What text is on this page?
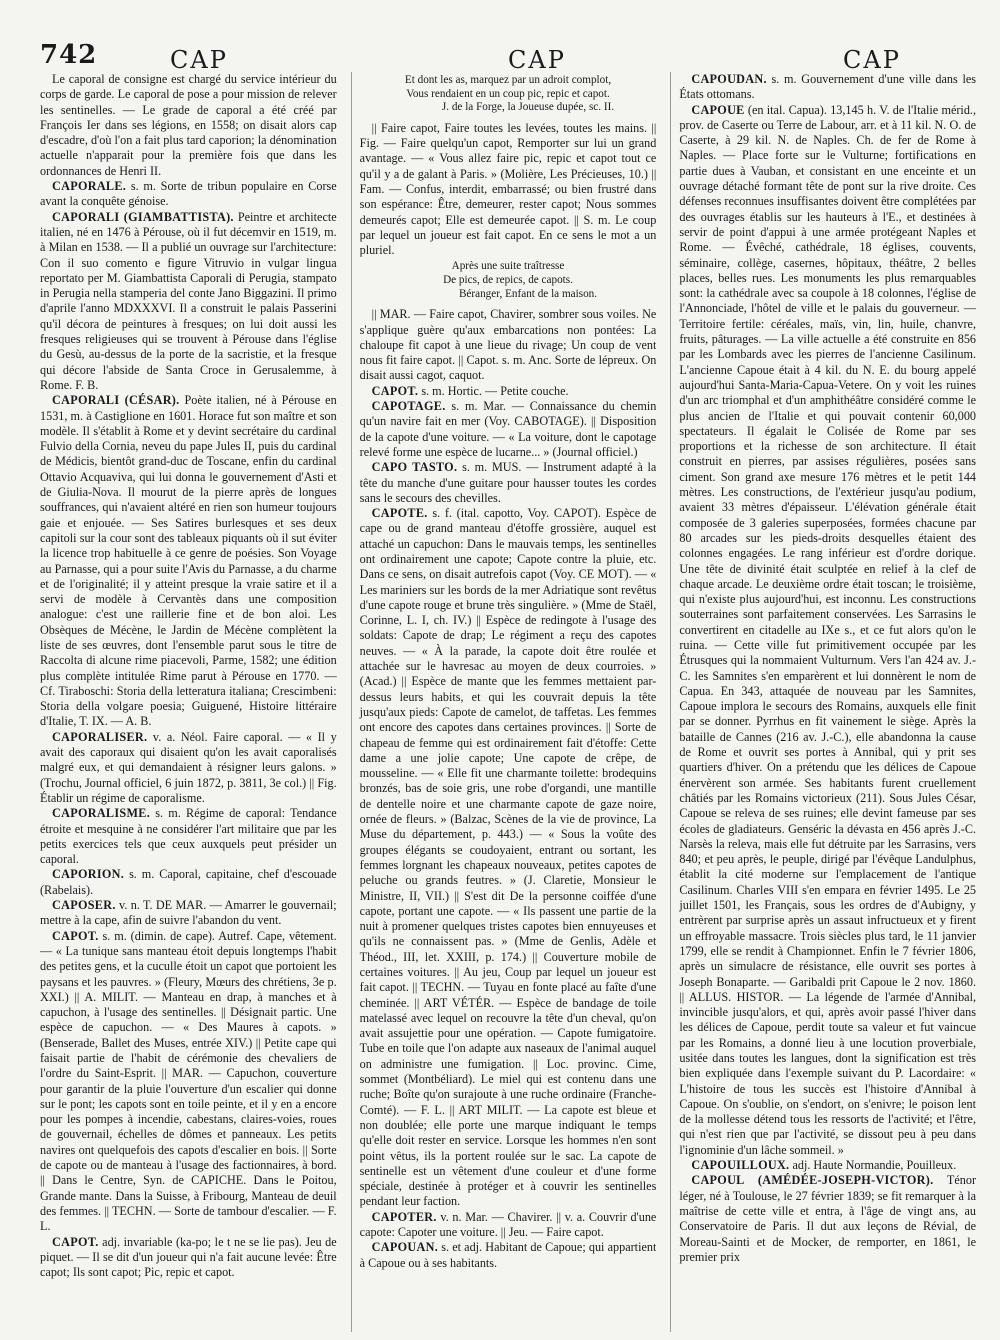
742	CAP	CAP	CAP

Le caporal de consigne est chargé du service intérieur du corps de garde. Le caporal de pose a pour mission de relever les sentinelles. — Le grade de caporal a été créé par François Ier dans ses légions, en 1558; on disait alors cap d'escadre, d'où l'on a fait plus tard caporion; la dénomination actuelle n'apparait pour la première fois que dans les ordonnances de Henri II.

CAPORALE. s. m. Sorte de tribun populaire en Corse avant la conquête génoise.

CAPORALI (GIAMBATTISTA). Peintre et architecte italien, né en 1476 à Pérouse, où il fut décemvir en 1519, m. à Milan en 1538. — Il a publié un ouvrage sur l'architecture: Con il suo comento e figure Vitruvio in vulgar lingua reportato per M. Giambattista Caporali di Perugia, stampato in Perugia nella stamperia del conte Jano Biggazini. Il primo d'aprile l'anno MDXXXVI. Il a construit le palais Passerini qu'il décora de peintures à fresques; on lui doit aussi les fresques religieuses qui se trouvent à Pérouse dans l'église du Gesù, au-dessus de la porte de la sacristie, et la fresque qui décore l'abside de Santa Croce in Gerusalemme, à Rome. F. B.

CAPORALI (CÉSAR). Poète italien, né à Pérouse en 1531, m. à Castiglione en 1601. Horace fut son maître et son modèle. Il s'établit à Rome et y devint secrétaire du cardinal Fulvio della Cornia, neveu du pape Jules II, puis du cardinal de Médicis, bientôt grand-duc de Toscane, enfin du cardinal Ottavio Acquaviva, qui lui donna le gouvernement d'Asti et de Giulia-Nova. Il mourut de la pierre après de longues souffrances, qui n'avaient altéré en rien son humeur toujours gaie et enjouée. — Ses Satires burlesques et ses deux capitoli sur la cour sont des tableaux piquants où il sut éviter la licence trop habituelle à ce genre de poésies. Son Voyage au Parnasse, qui a pour suite l'Avis du Parnasse, a du charme et de l'originalité; il y atteint presque la vraie satire et il a servi de modèle à Cervantès dans une composition analogue: c'est une raillerie fine et de bon aloi. Les Obsèques de Mécène, le Jardin de Mécène complètent la liste de ses œuvres, dont l'ensemble parut sous le titre de Raccolta di alcune rime piacevoli, Parme, 1582; une édition plus complète intitulée Rime parut à Pérouse en 1770. — Cf. Tiraboschi: Storia della letteratura italiana; Crescimbeni: Storia della volgare poesia; Guiguené, Histoire littéraire d'Italie, T. IX. — A. B.

CAPORALISER. v. a. Néol. Faire caporal. — « Il y avait des caporaux qui disaient qu'on les avait caporalisés malgré eux, et qui demandaient à résigner leurs galons. » (Trochu, Journal officiel, 6 juin 1872, p. 3811, 3e col.) || Fig. Établir un régime de caporalisme.

CAPORALISME. s. m. Régime de caporal: Tendance étroite et mesquine à ne considérer l'art militaire que par les petits exercices tels que ceux auxquels peut présider un caporal.

CAPORION. s. m. Caporal, capitaine, chef d'escouade (Rabelais).

CAPOSER. v. n. T. DE MAR. — Amarrer le gouvernail; mettre à la cape, afin de suivre l'abandon du vent.

CAPOT. s. m. (dimin. de cape). Autref. Cape, vêtement. — « La tunique sans manteau étoit depuis longtemps l'habit des petites gens, et la cuculle étoit un capot que portoient les paysans et les pauvres. » (Fleury, Mœurs des chrétiens, 3e p. XXI.) || A. MILIT. — Manteau en drap, à manches et à capuchon, à l'usage des sentinelles. || Désignait partic. Une espèce de capuchon. — « Des Maures à capots. » (Benserade, Ballet des Muses, entrée XIV.) || Petite cape qui faisait partie de l'habit de cérémonie des chevaliers de l'ordre du Saint-Esprit. || MAR. — Capuchon, couverture pour garantir de la pluie l'ouverture d'un escalier qui donne sur le pont; les capots sont en toile peinte, et il y en a encore pour les pompes à incendie, cabestans, claires-voies, roues de gouvernail, échelles de dômes et panneaux. Les petits navires ont quelquefois des capots d'escalier en bois. || Sorte de capote ou de manteau à l'usage des factionnaires, à bord. || Dans le Centre, Syn. de CAPICHE. Dans le Poitou, Grande mante. Dans la Suisse, à Fribourg, Manteau de deuil des femmes. || TECHN. — Sorte de tambour d'escalier. — F. L.

CAPOT. adj. invariable (ka-po; le t ne se lie pas). Jeu de piquet. — Il se dit d'un joueur qui n'a fait aucune levée: Être capot; Ils sont capot; Pic, repic et capot.

Et dont les as, marquez par un adroit complot,
Vous rendaient en un coup pic, repic et capot.
J. de la Forge, la Joueuse dupée, sc. II.

|| Faire capot, Faire toutes les levées, toutes les mains. || Fig. — Faire quelqu'un capot, Remporter sur lui un grand avantage. — « Vous allez faire pic, repic et capot tout ce qu'il y a de galant à Paris. » (Molière, Les Précieuses, 10.) || Fam. — Confus, interdit, embarrassé; ou bien frustré dans son espérance: Être, demeurer, rester capot; Nous sommes demeurés capot; Elle est demeurée capot. || S. m. Le coup par lequel un joueur est fait capot. En ce sens le mot a un pluriel.

Après une suite traîtresse
De pics, de repics, de capots.
Béranger, Enfant de la maison.

|| MAR. — Faire capot, Chavirer, sombrer sous voiles. Ne s'applique guère qu'aux embarcations non pontées: La chaloupe fit capot à une lieue du rivage; Un coup de vent nous fit faire capot. || Capot. s. m. Anc. Sorte de lépreux. On disait aussi cagot, caquot.

CAPOT. s. m. Hortic. — Petite couche.

CAPOTAGE. s. m. Mar. — Connaissance du chemin qu'un navire fait en mer (Voy. CABOTAGE). || Disposition de la capote d'une voiture. — « La voiture, dont le capotage relevé forme une espèce de lucarne... » (Journal officiel.)

CAPO TASTO. s. m. MUS. — Instrument adapté à la tête du manche d'une guitare pour hausser toutes les cordes sans le secours des chevilles.

CAPOTE. s. f. (ital. capotto, Voy. CAPOT). Espèce de cape ou de grand manteau d'étoffe grossière, auquel est attaché un capuchon: Dans le mauvais temps, les sentinelles ont ordinairement une capote; Capote contre la pluie, etc. Dans ce sens, on disait autrefois capot (Voy. CE MOT). — « Les mariniers sur les bords de la mer Adriatique sont revêtus d'une capote rouge et brune très singulière. » (Mme de Staël, Corinne, L. I, ch. IV.) || Espèce de redingote à l'usage des soldats: Capote de drap; Le régiment a reçu des capotes neuves. — « À la parade, la capote doit être roulée et attachée sur le havresac au moyen de deux courroies. » (Acad.) || Espèce de mante que les femmes mettaient par-dessus leurs habits, et qui les couvrait depuis la tête jusqu'aux pieds: Capote de camelot, de taffetas. Les femmes ont encore des capotes dans certaines provinces. || Sorte de chapeau de femme qui est ordinairement fait d'étoffe: Cette dame a une jolie capote; Une capote de crêpe, de mousseline. — « Elle fit une charmante toilette: brodequins bronzés, bas de soie gris, une robe d'organdi, une mantille de dentelle noire et une charmante capote de gaze noire, ornée de fleurs. » (Balzac, Scènes de la vie de province, La Muse du département, p. 443.) — « Sous la voûte des groupes élégants se coudoyaient, entrant ou sortant, les femmes lorgnant les chapeaux nouveaux, petites capotes de peluche ou grands feutres. » (J. Claretie, Monsieur le Ministre, II, VII.) || S'est dit De la personne coiffée d'une capote, portant une capote. — « Ils passent une partie de la nuit à promener quelques tristes capotes bien ennuyeuses et qu'ils ne connaissent pas. » (Mme de Genlis, Adèle et Théod., III, let. XXIII, p. 174.) || Couverture mobile de certaines voitures. || Au jeu, Coup par lequel un joueur est fait capot. || TECHN. — Tuyau en fonte placé au faîte d'une cheminée. || ART VÉTÉR. — Espèce de bandage de toile matelassé avec lequel on recouvre la tête d'un cheval, qu'on avait assujettie pour une opération. — Capote fumigatoire. Tube en toile que l'on adapte aux naseaux de l'animal auquel on administre une fumigation. || Loc. provinc. Cime, sommet (Montbéliard). Le miel qui est contenu dans une ruche; Boîte qu'on surajoute à une ruche ordinaire (Franche-Comté). — F. L. || ART MILIT. — La capote est bleue et non doublée; elle porte une marque indiquant le temps qu'elle doit rester en service. Lorsque les hommes n'en sont point vêtus, ils la portent roulée sur le sac. La capote de sentinelle est un vêtement d'une couleur et d'une forme spéciale, destinée à protéger et à couvrir les sentinelles pendant leur faction.

CAPOTER. v. n. Mar. — Chavirer. || v. a. Couvrir d'une capote: Capoter une voiture. || Jeu. — Faire capot.

CAPOUAN. s. et adj. Habitant de Capoue; qui appartient à Capoue ou à ses habitants.

CAPOUDAN. s. m. Gouvernement d'une ville dans les États ottomans.

CAPOUE (en ital. Capua). 13,145 h. V. de l'Italie mérid., prov. de Caserte ou Terre de Labour, arr. et à 11 kil. N. O. de Caserte, à 29 kil. N. de Naples. Ch. de fer de Rome à Naples. — Place forte sur le Vulturne; fortifications en partie dues à Vauban, et consistant en une enceinte et un ouvrage détaché formant tête de pont sur la rive droite. Ces défenses reconnues insuffisantes doivent être complétées par des ouvrages établis sur les hauteurs à l'E., et destinées à servir de point d'appui à une armée protégeant Naples et Rome. — Évêché, cathédrale, 18 églises, couvents, séminaire, collège, casernes, hôpitaux, théâtre, 2 belles places, belles rues. Les monuments les plus remarquables sont: la cathédrale avec sa coupole à 18 colonnes, l'église de l'Annonciade, l'hôtel de ville et le palais du gouverneur. — Territoire fertile: céréales, maïs, vin, lin, huile, chanvre, fruits, pâturages. — La ville actuelle a été construite en 856 par les Lombards avec les pierres de l'ancienne Casilinum. L'ancienne Capoue était à 4 kil. du N. E. du bourg appelé aujourd'hui Santa-Maria-Capua-Vetere. On y voit les ruines d'un arc triomphal et d'un amphithéâtre considéré comme le plus ancien de l'Italie et qui pouvait contenir 60,000 spectateurs. Il égalait le Colisée de Rome par ses proportions et la richesse de son architecture. Il était construit en pierres, par assises régulières, posées sans ciment. Son grand axe mesure 176 mètres et le petit 144 mètres. Les constructions, de l'extérieur jusqu'au podium, avaient 33 mètres d'épaisseur. L'élévation générale était composée de 3 galeries superposées, formées chacune par 80 arcades sur les pieds-droits desquelles étaient des colonnes engagées. Le rang inférieur est d'ordre dorique. Une tête de divinité était sculptée en relief à la clef de chaque arcade. Le deuxième ordre était toscan; le troisième, qui n'existe plus aujourd'hui, est inconnu. Les constructions souterraines sont parfaitement conservées. Les Sarrasins le convertirent en citadelle au IXe s., et ce fut alors qu'on le ruina. — Cette ville fut primitivement occupée par les Étrusques qui la nommaient Vulturnum. Vers l'an 424 av. J.-C. les Samnites s'en emparèrent et lui donnèrent le nom de Capua. En 343, attaquée de nouveau par les Samnites, Capoue implora le secours des Romains, auxquels elle finit par se donner. Pyrrhus en fit vainement le siège. Après la bataille de Cannes (216 av. J.-C.), elle abandonna la cause de Rome et ouvrit ses portes à Annibal, qui y prit ses quartiers d'hiver. On a prétendu que les délices de Capoue énervèrent son armée. Ses habitants furent cruellement châtiés par les Romains victorieux (211). Sous Jules César, Capoue se releva de ses ruines; elle devint fameuse par ses écoles de gladiateurs. Genséric la dévasta en 456 après J.-C. Narsès la releva, mais elle fut détruite par les Sarrasins, vers 840; et peu après, le peuple, dirigé par l'évêque Landulphus, établit la cité moderne sur l'emplacement de l'antique Casilinum. Charles VIII s'en empara en février 1495. Le 25 juillet 1501, les Français, sous les ordres de d'Aubigny, y entrèrent par surprise après un assaut infructueux et y firent un effroyable massacre. Trois siècles plus tard, le 11 janvier 1799, elle se rendit à Championnet. Enfin le 7 février 1806, après un simulacre de résistance, elle ouvrit ses portes à Joseph Bonaparte. — Garibaldi prit Capoue le 2 nov. 1860. || ALLUS. HISTOR. — La légende de l'armée d'Annibal, invincible jusqu'alors, et qui, après avoir passé l'hiver dans les délices de Capoue, perdit toute sa valeur et fut vaincue par les Romains, a donné lieu à une locution proverbiale, usitée dans toutes les langues, dont la signification est très bien expliquée dans l'exemple suivant du P. Lacordaire: « L'histoire de tous les succès est l'histoire d'Annibal à Capoue. On s'oublie, on s'endort, on s'enivre; le poison lent de la mollesse détend tous les ressorts de l'activité; et l'être, qui n'est rien que par l'activité, se dissout peu à peu dans l'ignominie d'un lâche sommeil. »

CAPOUILLOUX. adj. Haute Normandie, Pouilleux.

CAPOUL (AMÉDÉE-JOSEPH-VICTOR). Ténor léger, né à Toulouse, le 27 février 1839; se fit remarquer à la maîtrise de cette ville et entra, à l'âge de vingt ans, au Conservatoire de Paris. Il dut aux leçons de Révial, de Moreau-Sainti et de Mocker, de remporter, en 1861, le premier prix
